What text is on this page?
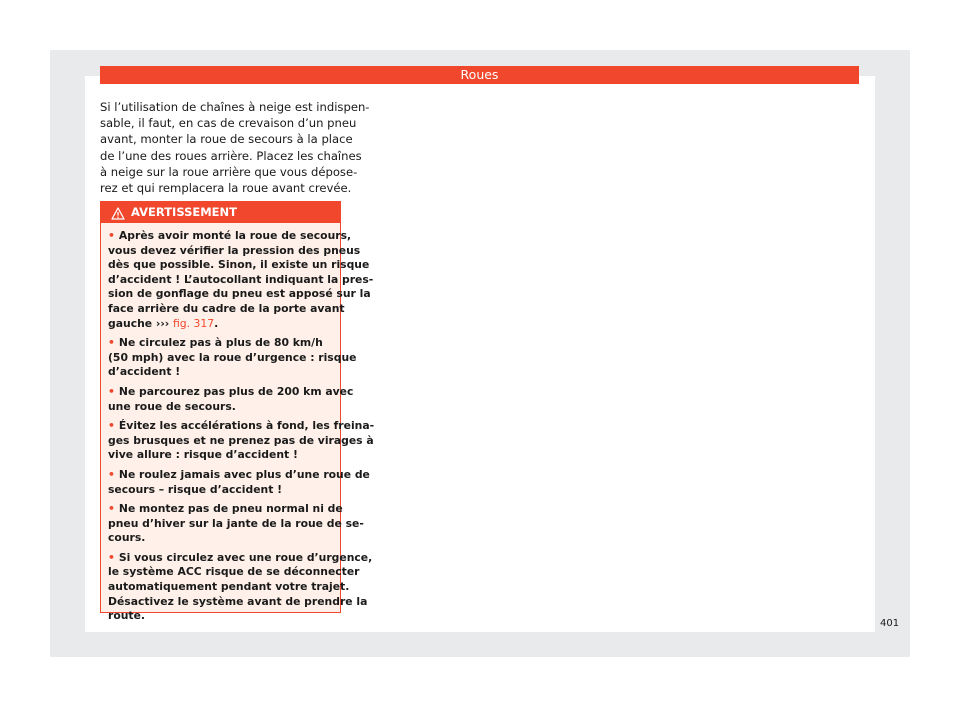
Roues
Si l’utilisation de chaînes à neige est indispen-
sable, il faut, en cas de crevaison d’un pneu
avant, monter la roue de secours à la place
de l’une des roues arrière. Placez les chaînes
à neige sur la roue arrière que vous dépose-
rez et qui remplacera la roue avant crevée.
AVERTISSEMENT
• Après avoir monté la roue de secours,
vous devez vérifier la pression des pneus
dès que possible. Sinon, il existe un risque
d’accident ! L’autocollant indiquant la pres-
sion de gonflage du pneu est apposé sur la
face arrière du cadre de la porte avant
gauche ››› fig. 317.
• Ne circulez pas à plus de 80 km/h
(50 mph) avec la roue d’urgence : risque
d’accident !
• Ne parcourez pas plus de 200 km avec
une roue de secours.
• Évitez les accélérations à fond, les freina-
ges brusques et ne prenez pas de virages à
vive allure : risque d’accident !
• Ne roulez jamais avec plus d’une roue de
secours – risque d’accident !
• Ne montez pas de pneu normal ni de
pneu d’hiver sur la jante de la roue de se-
cours.
• Si vous circulez avec une roue d’urgence,
le système ACC risque de se déconnecter
automatiquement pendant votre trajet.
Désactivez le système avant de prendre la
route.
401
